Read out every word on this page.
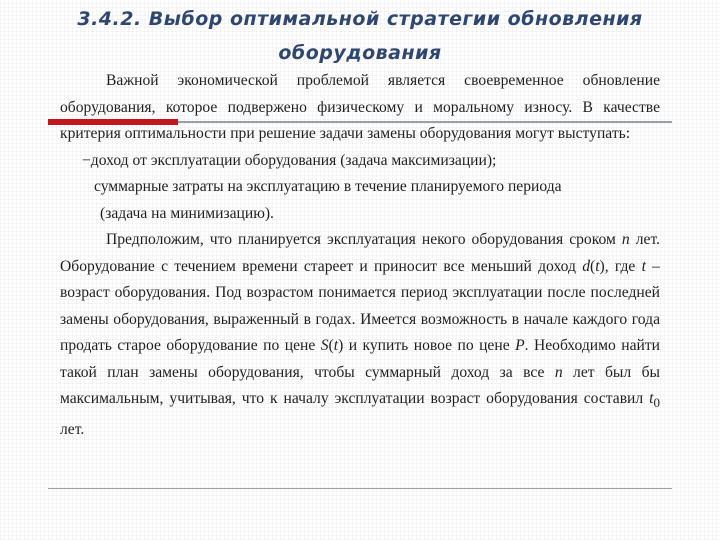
3.4.2. Выбор оптимальной стратегии обновления
оборудования

Важной экономической проблемой является своевременное обновление оборудования, которое подвержено физическому и моральному износу. В качестве критерия оптимальности при решение задачи замены оборудования могут выступать:

−доход от эксплуатации оборудования (задача максимизации);

суммарные затраты на эксплуатацию в течение планируемого периода

(задача на минимизацию).

Предположим, что планируется эксплуатация некого оборудования сроком n лет. Оборудование с течением времени стареет и приносит все меньший доход d(t), где t – возраст оборудования. Под возрастом понимается период эксплуатации после последней замены оборудования, выраженный в годах. Имеется возможность в начале каждого года продать старое оборудование по цене S(t) и купить новое по цене P. Необходимо найти такой план замены оборудования, чтобы суммарный доход за все n лет был бы максимальным, учитывая, что к началу эксплуатации возраст оборудования составил $t_0$ лет.
